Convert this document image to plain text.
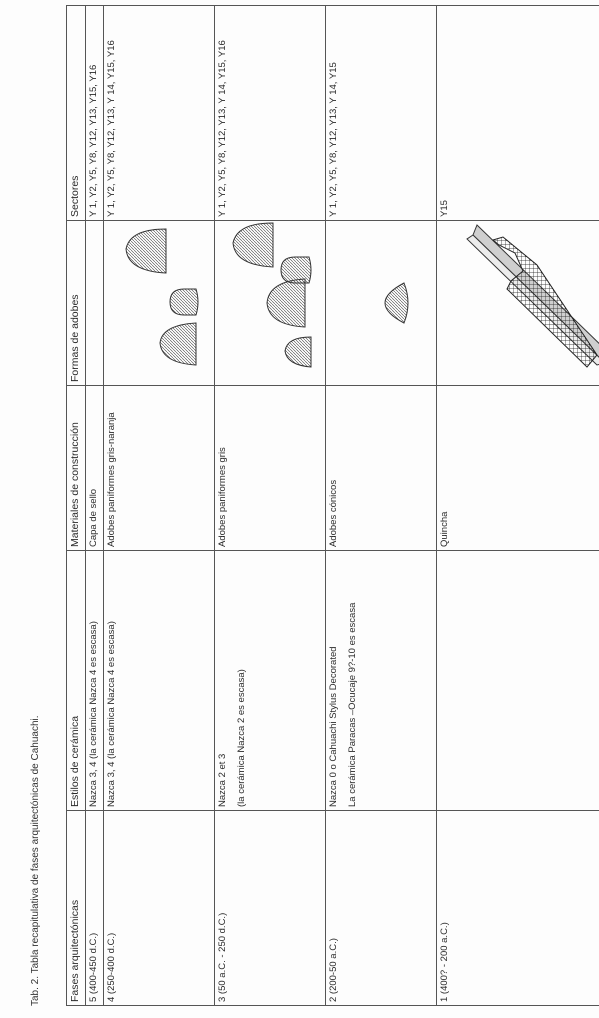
Tab. 2. Tabla recapitulativa de fases arquitectónicas de Cahuachi.	Fases arquitectónicas	Estilos de cerámica	Materiales de construcción	Formas de adobes	Sectores
5 (400-450 d.C.)	Nazca 3, 4 (la cerámica Nazca 4 es escasa)	Capa de sello		Y 1, Y2, Y5, Y8, Y12, Y13, Y15, Y16
4 (250-400 d.C.)	Nazca 3, 4 (la cerámica Nazca 4 es escasa)	Adobes paniformes gris-naranja		Y 1, Y2, Y5, Y8, Y12, Y13, Y 14, Y15, Y16
3 (50 a.C. - 250 d.C.)	Nazca 2 et 3 (la cerámica Nazca 2 es escasa)	Adobes paniformes gris		Y 1, Y2, Y5, Y8, Y12, Y13, Y 14, Y15, Y16
2 (200-50 a.C.)	Nazca 0 o Cahuachi Stylus Decorated La cerámica Paracas –Ocucaje 9?-10 es escasa	Adobes cónicos		Y 1, Y2, Y5, Y8, Y12, Y13, Y 14, Y15
1 (400? - 200 a.C.)		Quincha		Y15
